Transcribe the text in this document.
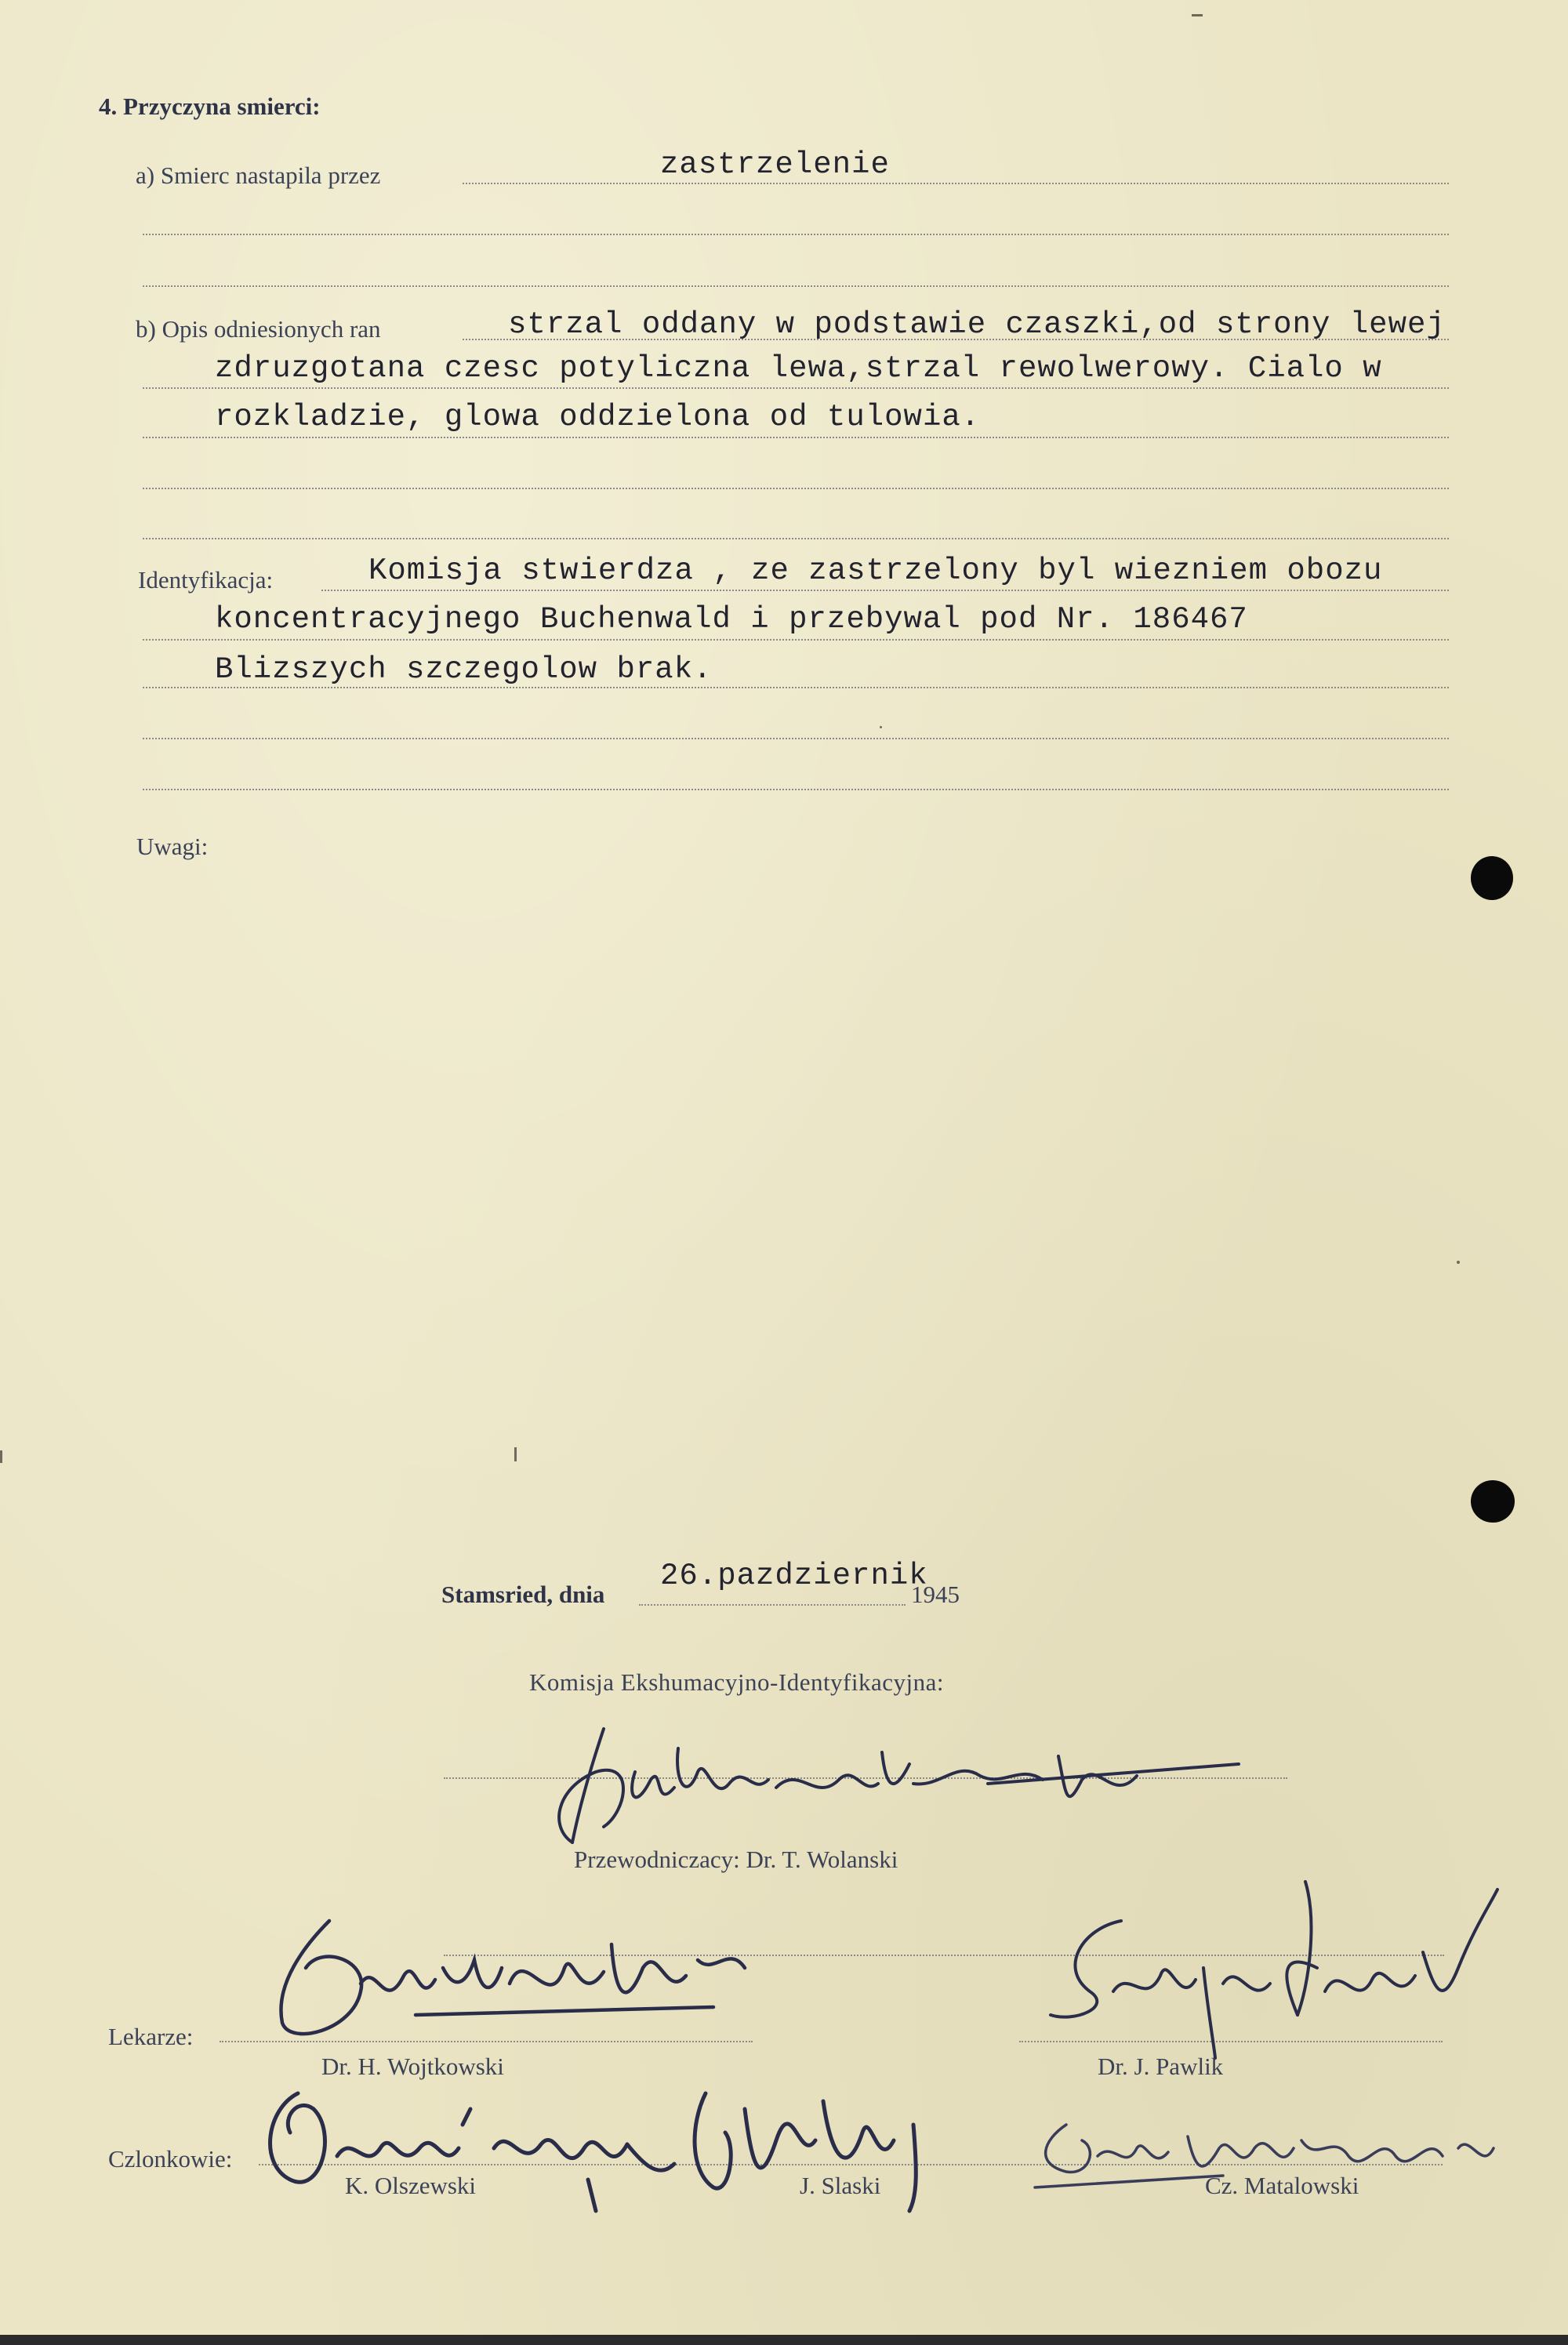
4. Przyczyna smierci:
a) Smierc nastapila przez	zastrzelenie
b) Opis odniesionych ran	strzal oddany w podstawie czaszki,od strony lewej
zdruzgotana czesc potyliczna lewa,strzal rewolwerowy. Cialo w
rozkladzie, glowa oddzielona od tulowia.
Identyfikacja:	Komisja stwierdza , ze zastrzelony byl wiezniem obozu
koncentracyjnego Buchenwald i przebywal pod Nr. 186467
Blizszych szczegolow brak.
Uwagi:
Stamsried, dnia
26.pazdziernik
1945
Komisja Ekshumacyjno-Identyfikacyjna:
Przewodniczacy: Dr. T. Wolanski
Lekarze:
Dr. H. Wojtkowski	Dr. J. Pawlik
Czlonkowie:
K. Olszewski	J. Slaski	Cz. Matalowski
